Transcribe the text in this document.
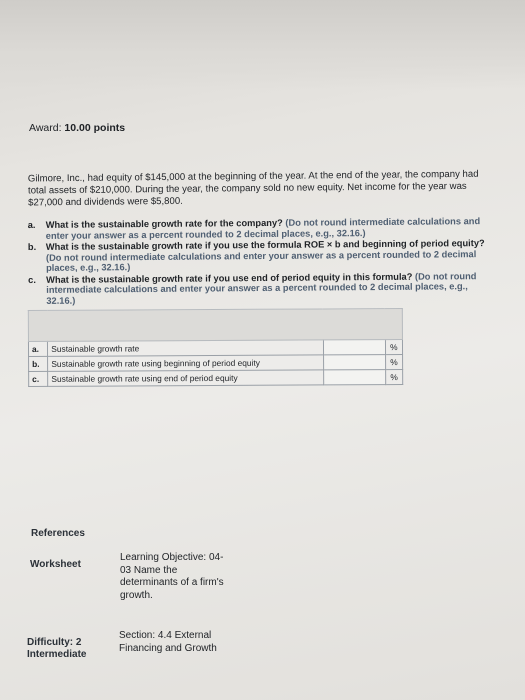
Award: 10.00 points
Gilmore, Inc., had equity of $145,000 at the beginning of the year. At the end of the year, the company had total assets of $210,000. During the year, the company sold no new equity. Net income for the year was $27,000 and dividends were $5,800.
a. What is the sustainable growth rate for the company? (Do not round intermediate calculations and enter your answer as a percent rounded to 2 decimal places, e.g., 32.16.)
b. What is the sustainable growth rate if you use the formula ROE × b and beginning of period equity? (Do not round intermediate calculations and enter your answer as a percent rounded to 2 decimal places, e.g., 32.16.)
c. What is the sustainable growth rate if you use end of period equity in this formula? (Do not round intermediate calculations and enter your answer as a percent rounded to 2 decimal places, e.g., 32.16.)

a.	Sustainable growth rate		%
b.	Sustainable growth rate using beginning of period equity		%
c.	Sustainable growth rate using end of period equity		%
References
Worksheet
Learning Objective: 04-03 Name the determinants of a firm's growth.
Difficulty: 2 Intermediate
Section: 4.4 External Financing and Growth
